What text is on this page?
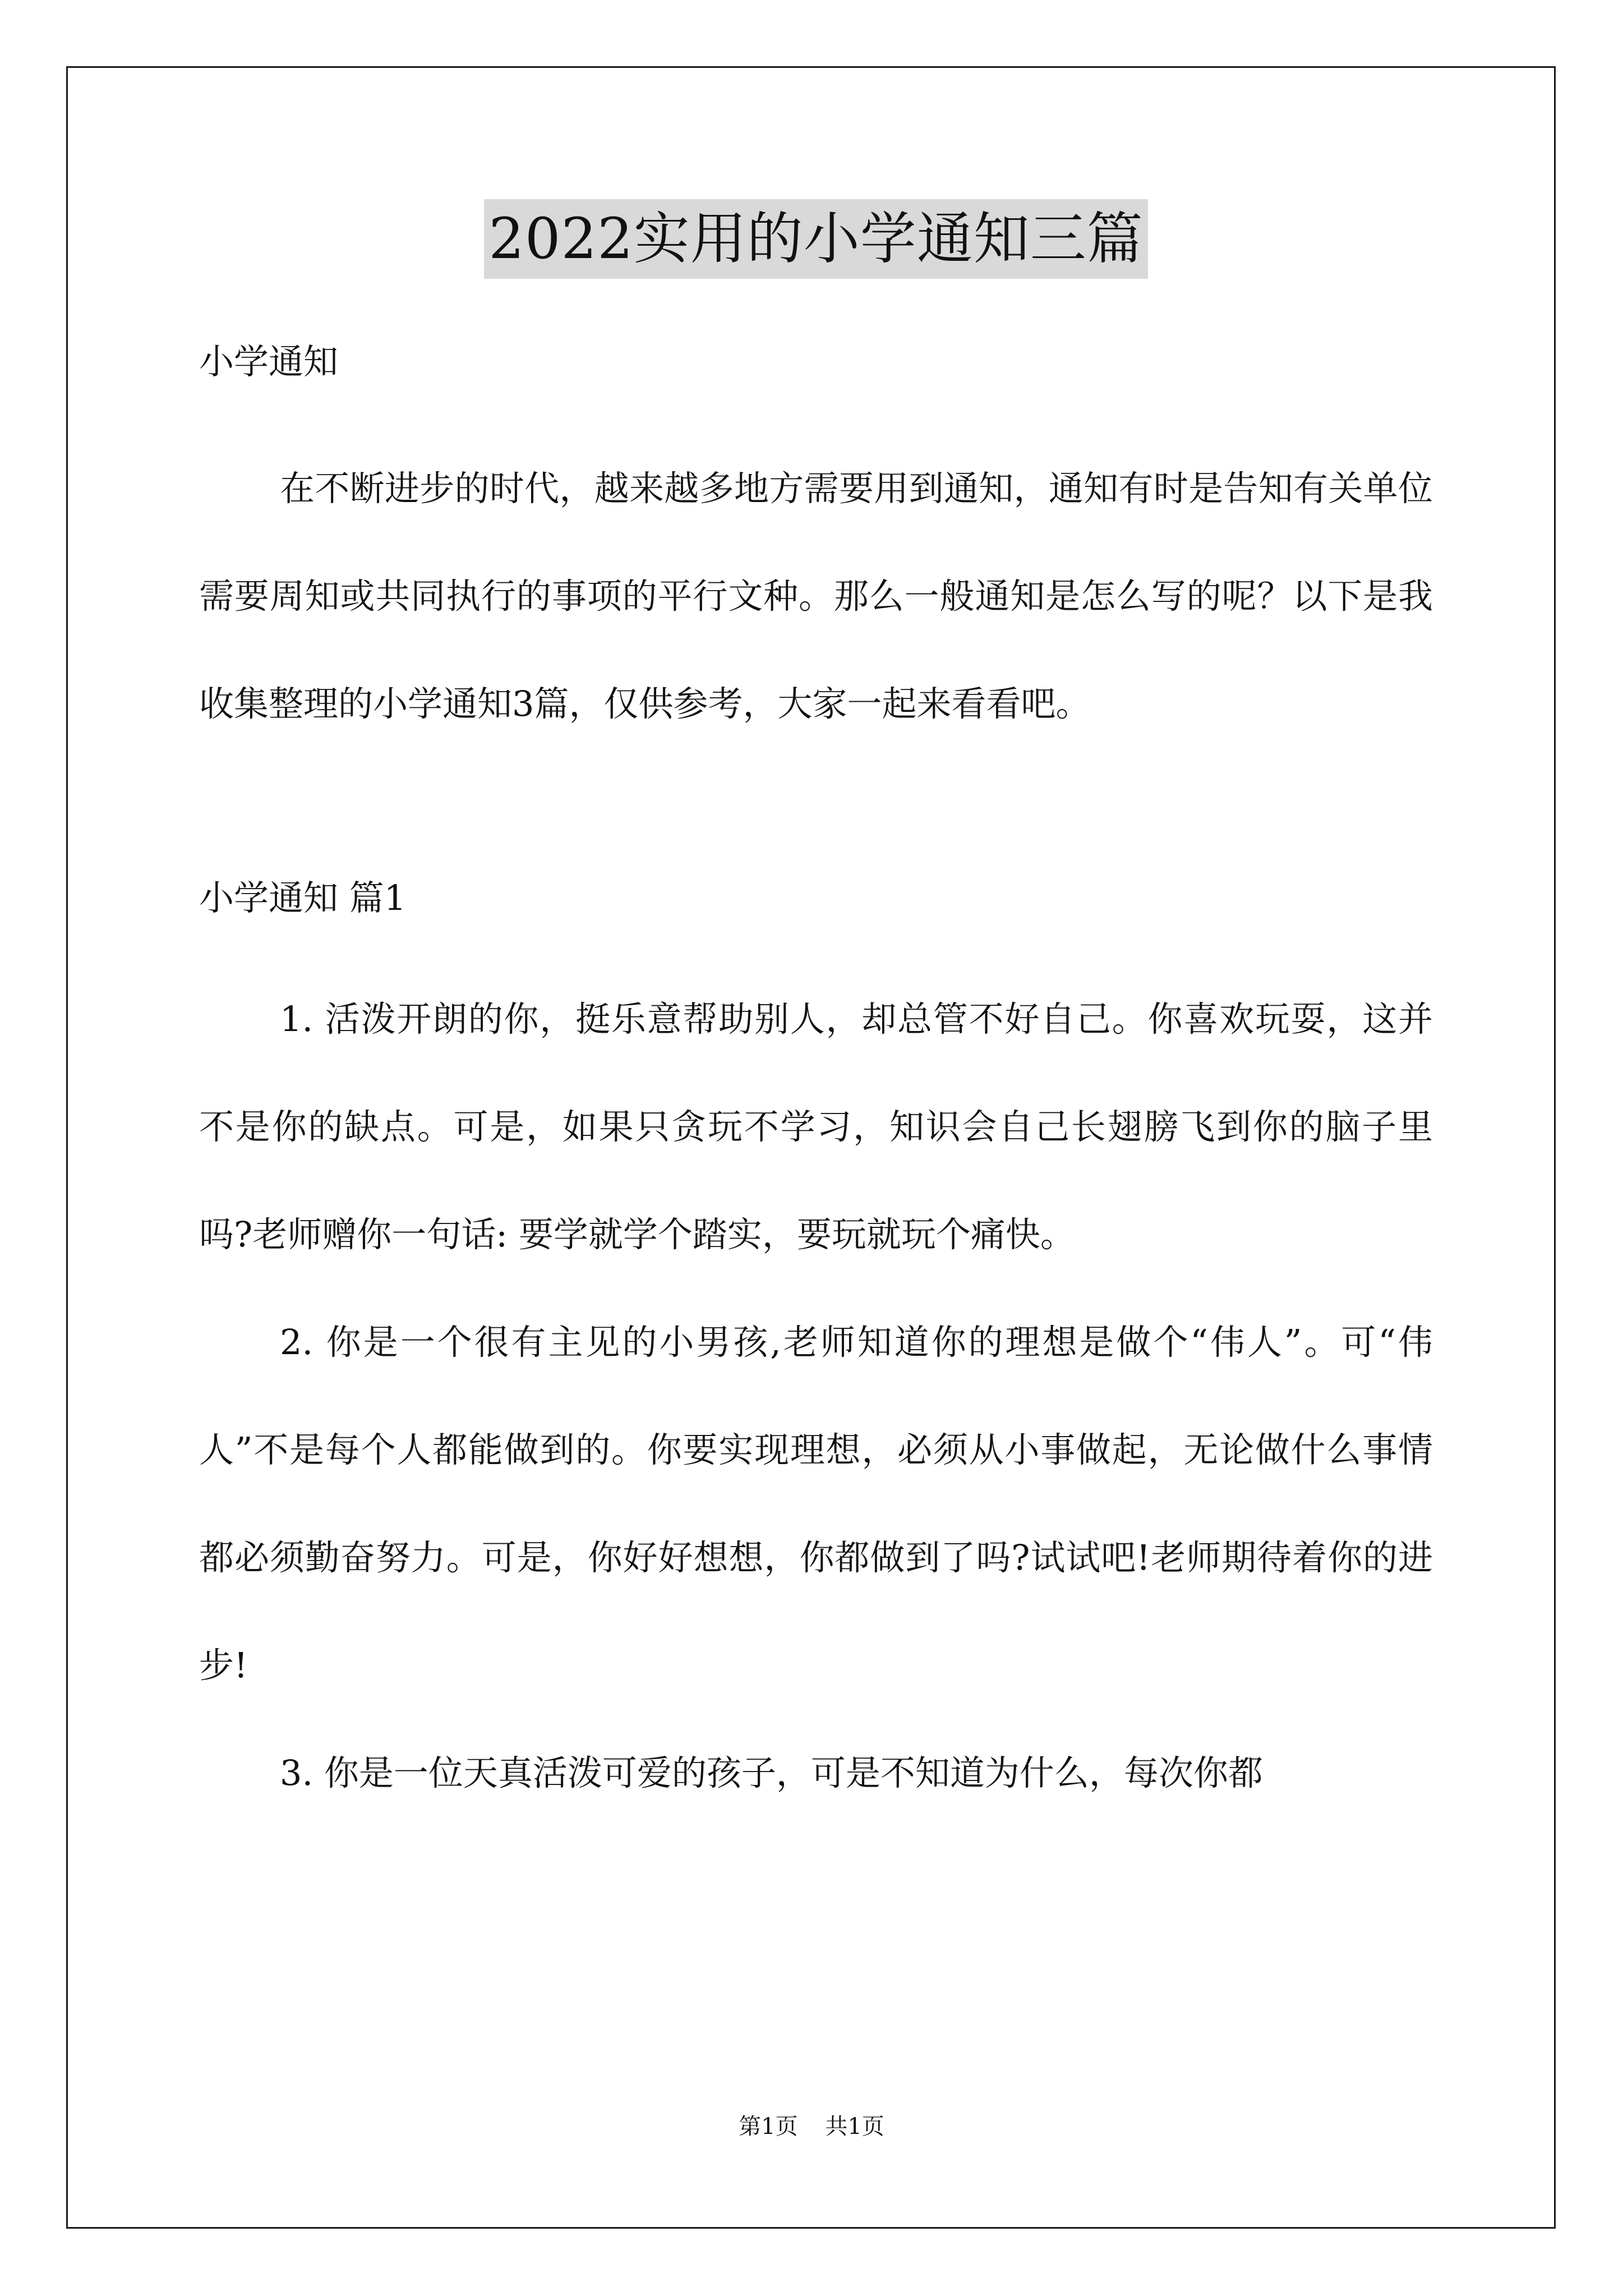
2022实用的小学通知三篇

小学通知

在不断进步的时代，越来越多地方需要用到通知，通知有时是告知有关单位需要周知或共同执行的事项的平行文种。那么一般通知是怎么写的呢？以下是我收集整理的小学通知3篇，仅供参考，大家一起来看看吧。

小学通知 篇1

1. 活泼开朗的你，挺乐意帮助别人，却总管不好自己。你喜欢玩耍，这并不是你的缺点。可是，如果只贪玩不学习，知识会自己长翅膀飞到你的脑子里吗?老师赠你一句话: 要学就学个踏实，要玩就玩个痛快。

2. 你是一个很有主见的小男孩,老师知道你的理想是做个“伟人”。可“伟人”不是每个人都能做到的。你要实现理想，必须从小事做起，无论做什么事情都必须勤奋努力。可是，你好好想想，你都做到了吗?试试吧!老师期待着你的进步!

3. 你是一位天真活泼可爱的孩子，可是不知道为什么，每次你都

第1页 共1页
